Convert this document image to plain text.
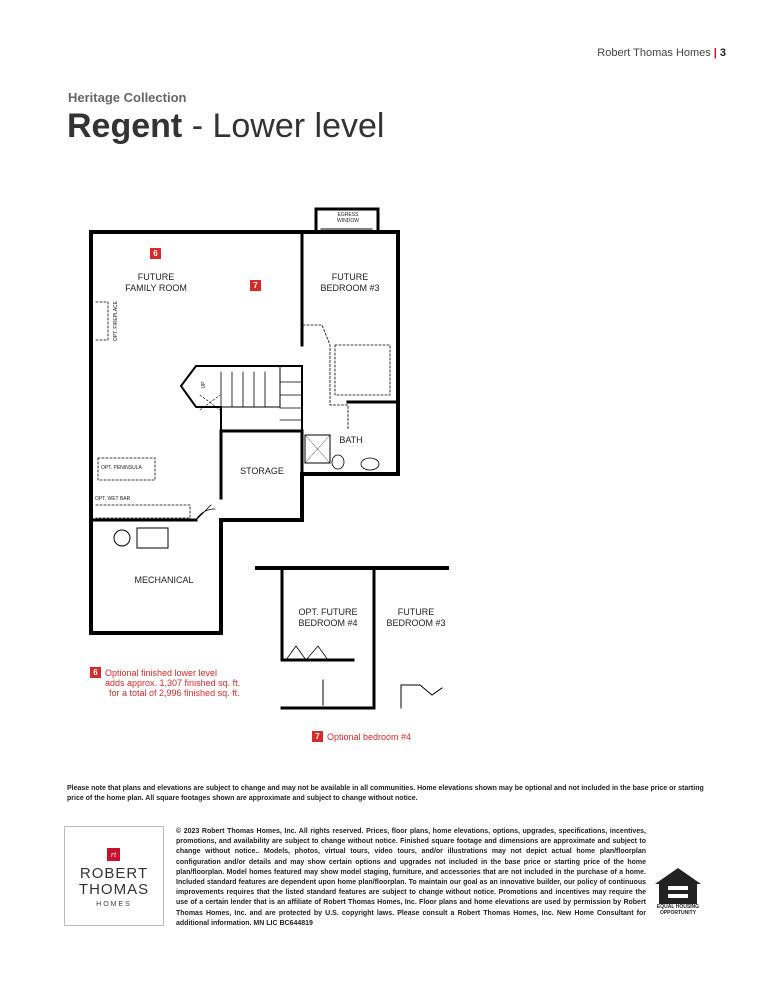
Robert Thomas Homes | 3
Heritage Collection
Regent - Lower level
FUTURE
FAMILY ROOM
FUTURE
BEDROOM #3
BATH
STORAGE
MECHANICAL
OPT. FUTURE
BEDROOM #4
FUTURE
BEDROOM #3
EGRESS
WINDOW
OPT. FIREPLACE
UP
OPT. PENINSULA
OPT. WET BAR
6
7
6 Optional finished lower level
adds approx. 1,307 finished sq. ft.
for a total of 2,996 finished sq. ft.
7 Optional bedroom #4
Please note that plans and elevations are subject to change and may not be available in all communities. Home elevations shown may be optional and not included in the base price or starting price of the home plan. All square footages shown are approximate and subject to change without notice.
rt
ROBERT
THOMAS
HOMES
© 2023 Robert Thomas Homes, Inc. All rights reserved. Prices, floor plans, home elevations, options, upgrades, specifications, incentives, promotions, and availability are subject to change without notice. Finished square footage and dimensions are approximate and subject to change without notice.. Models, photos, virtual tours, video tours, and/or illustrations may not depict actual home plan/floorplan configuration and/or details and may show certain options and upgrades not included in the base price or starting price of the home plan/floorplan. Model homes featured may show model staging, furniture, and accessories that are not included in the purchase of a home. Included standard features are dependent upon home plan/floorplan. To maintain our goal as an innovative builder, our policy of continuous improvements requires that the listed standard features are subject to change without notice. Promotions and incentives may require the use of a certain lender that is an affiliate of Robert Thomas Homes, Inc. Floor plans and home elevations are used by permission by Robert Thomas Homes, Inc. and are protected by U.S. copyright laws. Please consult a Robert Thomas Homes, Inc. New Home Consultant for additional information. MN LIC BC644819
EQUAL HOUSING
OPPORTUNITY
